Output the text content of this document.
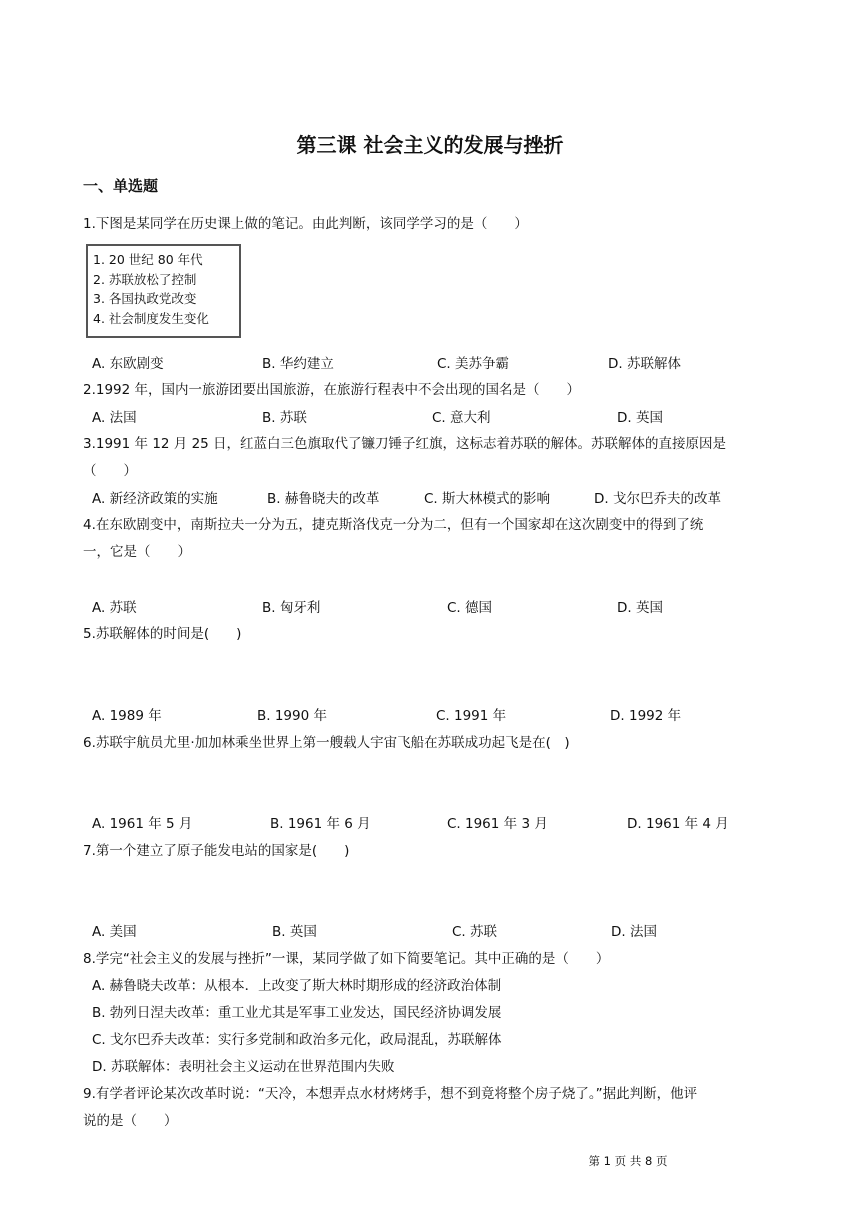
第三课 社会主义的发展与挫折
一、单选题
1.下图是某同学在历史课上做的笔记。由此判断，该同学学习的是（　　）
1. 20 世纪 80 年代
2. 苏联放松了控制
3. 各国执政党改变
4. 社会制度发生变化
A. 东欧剧变	B. 华约建立	C. 美苏争霸	D. 苏联解体
2.1992 年，国内一旅游团要出国旅游，在旅游行程表中不会出现的国名是（　　）
A. 法国	B. 苏联	C. 意大利	D. 英国
3.1991 年 12 月 25 日，红蓝白三色旗取代了镰刀锤子红旗，这标志着苏联的解体。苏联解体的直接原因是
（　　）
A. 新经济政策的实施	B. 赫鲁晓夫的改革	C. 斯大林模式的影响	D. 戈尔巴乔夫的改革
4.在东欧剧变中，南斯拉夫一分为五，捷克斯洛伐克一分为二，但有一个国家却在这次剧变中的得到了统
一，它是（　　）
A. 苏联	B. 匈牙利	C. 德国	D. 英国
5.苏联解体的时间是(　　)
A. 1989 年	B. 1990 年	C. 1991 年	D. 1992 年
6.苏联宇航员尤里·加加林乘坐世界上第一艘载人宇宙飞船在苏联成功起飞是在(　)
A. 1961 年 5 月	B. 1961 年 6 月	C. 1961 年 3 月	D. 1961 年 4 月
7.第一个建立了原子能发电站的国家是(　　)
A. 美国	B. 英国	C. 苏联	D. 法国
8.学完“社会主义的发展与挫折”一课，某同学做了如下简要笔记。其中正确的是（　　）
A. 赫鲁晓夫改革：从根本．上改变了斯大林时期形成的经济政治体制
B. 勃列日涅夫改革：重工业尤其是军事工业发达，国民经济协调发展
C. 戈尔巴乔夫改革：实行多党制和政治多元化，政局混乱，苏联解体
D. 苏联解体：表明社会主义运动在世界范围内失败
9.有学者评论某次改革时说：“天冷，本想弄点水材烤烤手，想不到竟将整个房子烧了。”据此判断，他评
说的是（　　）
第 1 页 共 8 页
